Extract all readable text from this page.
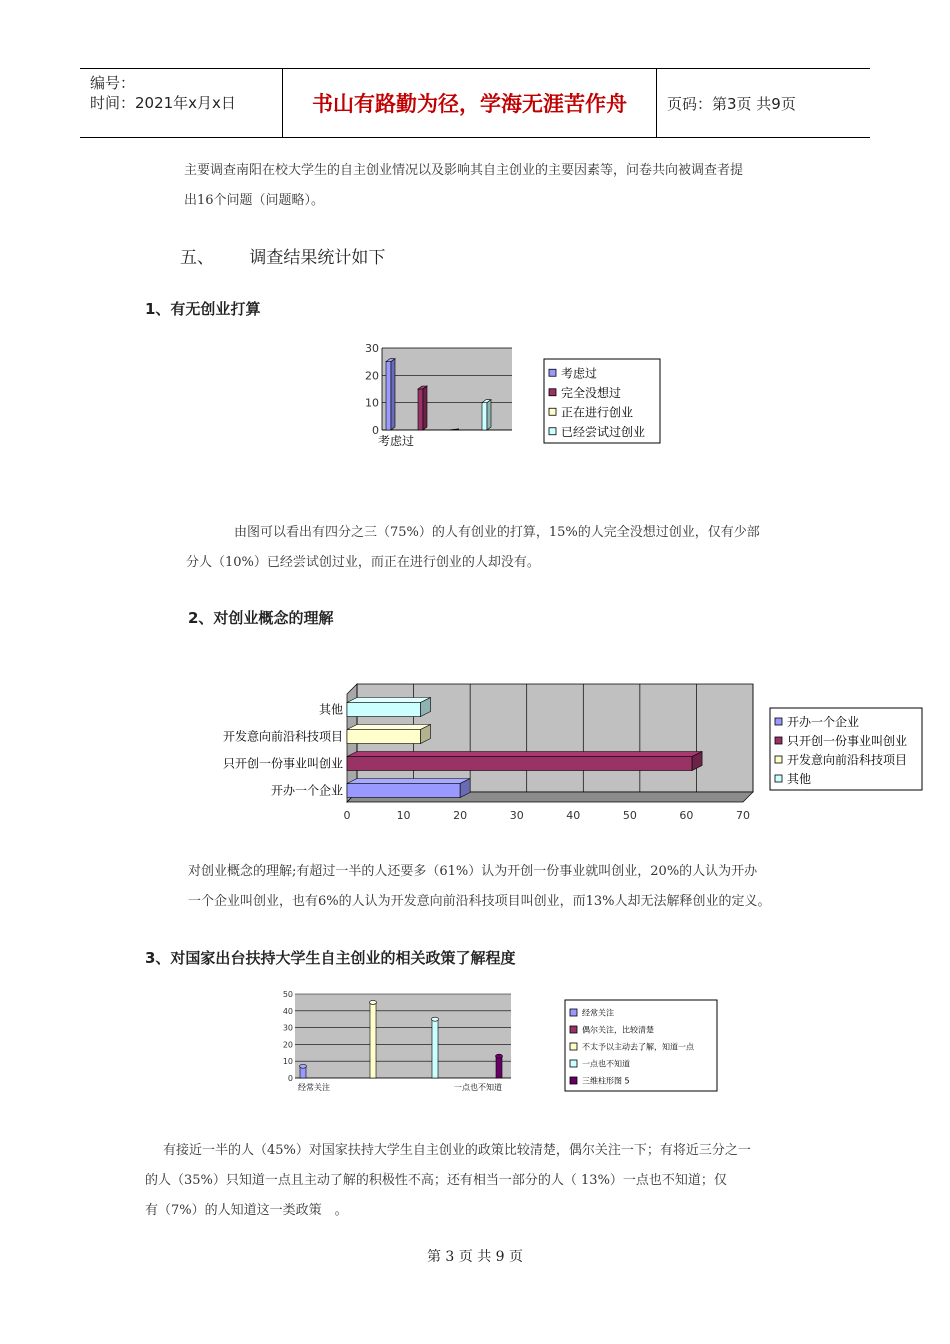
编号：
时间：2021年x月x日	书山有路勤为径，学海无涯苦作舟	页码：第3页 共9页
主要调查南阳在校大学生的自主创业情况以及影响其自主创业的主要因素等，问卷共向被调查者提
出16个问题（问题略）。
五、 调查结果统计如下
1、有无创业打算
0
10
20
30
考虑过
考虑过
完全没想过
正在进行创业
已经尝试过创业
由图可以看出有四分之三（75%）的人有创业的打算，15%的人完全没想过创业，仅有少部
分人（10%）已经尝试创过业，而正在进行创业的人却没有。
2、对创业概念的理解
0	10	20	30	40	50	60	70
开办一个企业
只开创一份事业叫创业
开发意向前沿科技项目
其他
开办一个企业
只开创一份事业叫创业
开发意向前沿科技项目
其他
对创业概念的理解;有超过一半的人还要多（61%）认为开创一份事业就叫创业，20%的人认为开办
一个企业叫创业，也有6%的人认为开发意向前沿科技项目叫创业，而13%人却无法解释创业的定义。
3、对国家出台扶持大学生自主创业的相关政策了解程度
0
10
20
30
40
50
经常关注	一点也不知道
经常关注
偶尔关注，比较清楚
不太予以主动去了解，知道一点
一点也不知道
三维柱形图 5
有接近一半的人（45%）对国家扶持大学生自主创业的政策比较清楚，偶尔关注一下；有将近三分之一
的人（35%）只知道一点且主动了解的积极性不高；还有相当一部分的人（ 13%）一点也不知道；仅
有（7%）的人知道这一类政策　。
第 3 页 共 9 页
